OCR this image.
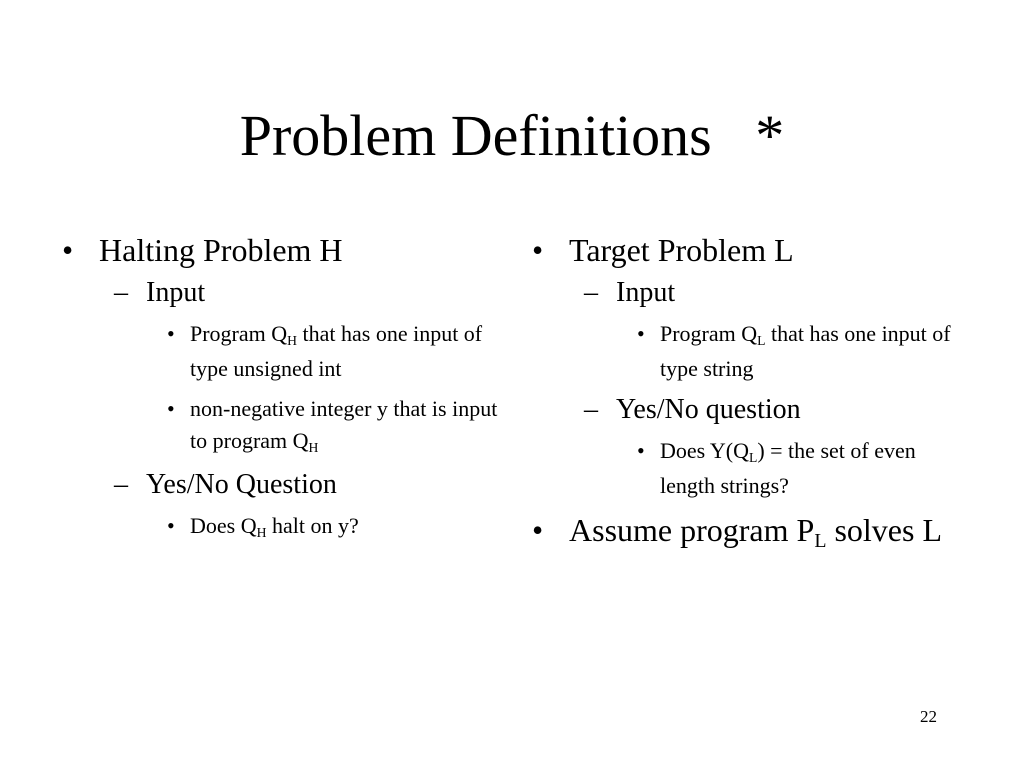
Problem Definitions   *
• Halting Problem H
– Input
• Program $Q_H$ that has one input of type unsigned int
• non-negative integer y that is input to program $Q_H$
– Yes/No Question
• Does $Q_H$ halt on y?
• Target Problem L
– Input
• Program $Q_L$ that has one input of type string
– Yes/No question
• Does $Y(Q_L)$ = the set of even length strings?
• Assume program $P_L$ solves L
22
